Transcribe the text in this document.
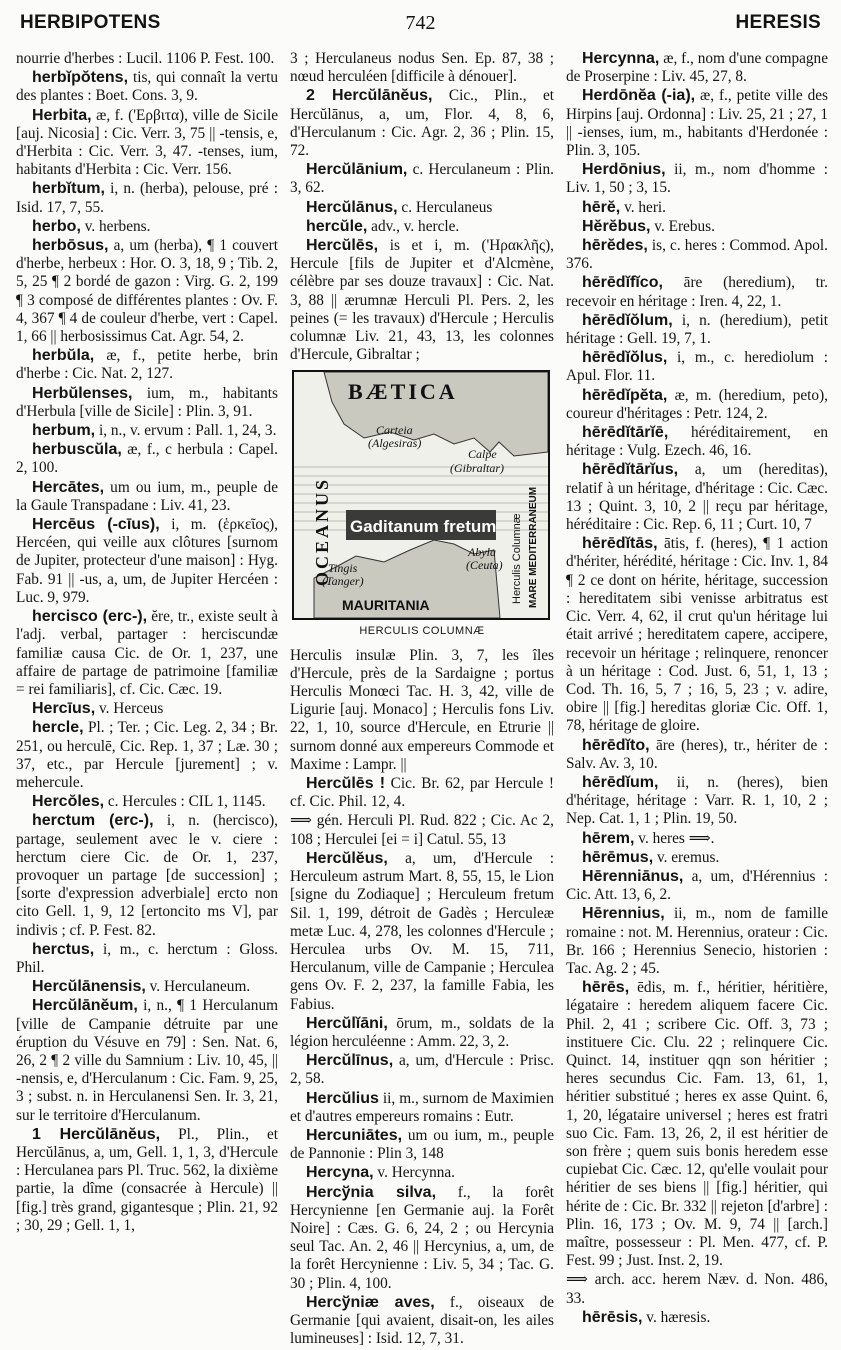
HERBIPOTENS	742	HERESIS

nourrie d'herbes : Lucil. 1106 P. Fest. 100.

herbĭpŏtens, tis, qui connaît la vertu des plantes : Boet. Cons. 3, 9.

Herbita, æ, f. ('Ερβιτα), ville de Sicile [auj. Nicosia] : Cic. Verr. 3, 75 || -tensis, e, d'Herbita : Cic. Verr. 3, 47. -tenses, ium, habitants d'Herbita : Cic. Verr. 156.

herbĭtum, i, n. (herba), pelouse, pré : Isid. 17, 7, 55.

herbo, v. herbens.

herbōsus, a, um (herba), ¶ 1 couvert d'herbe, herbeux : Hor. O. 3, 18, 9 ; Tib. 2, 5, 25 ¶ 2 bordé de gazon : Virg. G. 2, 199 ¶ 3 composé de différentes plantes : Ov. F. 4, 367 ¶ 4 de couleur d'herbe, vert : Capel. 1, 66 || herbosissimus Cat. Agr. 54, 2.

herbŭla, æ, f., petite herbe, brin d'herbe : Cic. Nat. 2, 127.

Herbŭlenses, ium, m., habitants d'Herbula [ville de Sicile] : Plin. 3, 91.

herbum, i, n., v. ervum : Pall. 1, 24, 3.

herbuscŭla, æ, f., c herbula : Capel. 2, 100.

Hercātes, um ou ium, m., peuple de la Gaule Transpadane : Liv. 41, 23.

Hercēus (-cīus), i, m. (ἑρκεῖος), Hercéen, qui veille aux clôtures [surnom de Jupiter, protecteur d'une maison] : Hyg. Fab. 91 || -us, a, um, de Jupiter Hercéen : Luc. 9, 979.

hercisco (erc-), ĕre, tr., existe seult à l'adj. verbal, partager : herciscundæ familiæ causa Cic. de Or. 1, 237, une affaire de partage de patrimoine [familiæ = rei familiaris], cf. Cic. Cæc. 19.

Hercīus, v. Herceus

hercle, Pl. ; Ter. ; Cic. Leg. 2, 34 ; Br. 251, ou herculē, Cic. Rep. 1, 37 ; Læ. 30 ; 37, etc., par Hercule [jurement] ; v. mehercule.

Hercŏles, c. Hercules : CIL 1, 1145.

herctum (erc-), i, n. (hercisco), partage, seulement avec le v. ciere : herctum ciere Cic. de Or. 1, 237, provoquer un partage [de succession] ; [sorte d'expression adverbiale] ercto non cito Gell. 1, 9, 12 [ertoncito ms V], par indivis ; cf. P. Fest. 82.

herctus, i, m., c. herctum : Gloss. Phil.

Hercŭlānensis, v. Herculaneum.

Hercŭlānĕum, i, n., ¶ 1 Herculanum [ville de Campanie détruite par une éruption du Vésuve en 79] : Sen. Nat. 6, 26, 2 ¶ 2 ville du Samnium : Liv. 10, 45, || -nensis, e, d'Herculanum : Cic. Fam. 9, 25, 3 ; subst. n. in Herculanensi Sen. Ir. 3, 21, sur le territoire d'Herculanum.

1 Hercŭlānĕus, Pl., Plin., et Hercŭlānus, a, um, Gell. 1, 1, 3, d'Hercule : Herculanea pars Pl. Truc. 562, la dixième partie, la dîme (consacrée à Hercule) || [fig.] très grand, gigantesque ; Plin. 21, 92 ; 30, 29 ; Gell. 1, 1,

3 ; Herculaneus nodus Sen. Ep. 87, 38 ; nœud herculéen [difficile à dénouer].

2 Hercŭlānĕus, Cic., Plin., et Hercŭlānus, a, um, Flor. 4, 8, 6, d'Herculanum : Cic. Agr. 2, 36 ; Plin. 15, 72.

Hercŭlānium, c. Herculaneum : Plin. 3, 62.

Hercŭlānus, c. Herculaneus

hercŭle, adv., v. hercle.

Hercŭlēs, is et i, m. ('Ηρακλῆς), Hercule [fils de Jupiter et d'Alcmène, célèbre par ses douze travaux] : Cic. Nat. 3, 88 || ærumnæ Herculi Pl. Pers. 2, les peines (= les travaux) d'Hercule ; Herculis columnæ Liv. 21, 43, 13, les colonnes d'Hercule, Gibraltar ;

BÆTICA
Carteia
(Algesiras)
Calpe
(Gibraltar)
Gaditanum fretum
OCEANUS	Herculis Columnæ MARE MEDITERRANEUM
Abyla
(Ceuta)
Tingis
(Tanger)
MAURITANIA
HERCULIS COLUMNÆ

Herculis insulæ Plin. 3, 7, les îles d'Hercule, près de la Sardaigne ; portus Herculis Monœci Tac. H. 3, 42, ville de Ligurie [auj. Monaco] ; Herculis fons Liv. 22, 1, 10, source d'Hercule, en Etrurie || surnom donné aux empereurs Commode et Maxime : Lampr. ||

Hercŭlēs ! Cic. Br. 62, par Hercule ! cf. Cic. Phil. 12, 4.

⟹ gén. Herculi Pl. Rud. 822 ; Cic. Ac 2, 108 ; Herculei [ei = i] Catul. 55, 13

Hercŭlĕus, a, um, d'Hercule : Herculeum astrum Mart. 8, 55, 15, le Lion [signe du Zodiaque] ; Herculeum fretum Sil. 1, 199, détroit de Gadès ; Herculeæ metæ Luc. 4, 278, les colonnes d'Hercule ; Herculea urbs Ov. M. 15, 711, Herculanum, ville de Campanie ; Herculea gens Ov. F. 2, 237, la famille Fabia, les Fabius.

Hercŭlĭāni, ōrum, m., soldats de la légion herculéenne : Amm. 22, 3, 2.

Hercŭlīnus, a, um, d'Hercule : Prisc. 2, 58.

Hercŭlius ii, m., surnom de Maximien et d'autres empereurs romains : Eutr.

Hercuniātes, um ou ium, m., peuple de Pannonie : Plin 3, 148

Hercyna, v. Hercynna.

Hercўnia silva, f., la forêt Hercynienne [en Germanie auj. la Forêt Noire] : Cæs. G. 6, 24, 2 ; ou Hercynia seul Tac. An. 2, 46 || Hercynius, a, um, de la forêt Hercynienne : Liv. 5, 34 ; Tac. G. 30 ; Plin. 4, 100.

Hercўniæ aves, f., oiseaux de Germanie [qui avaient, disait-on, les ailes lumineuses] : Isid. 12, 7, 31.

Hercynna, æ, f., nom d'une compagne de Proserpine : Liv. 45, 27, 8.

Herdōnĕa (-ia), æ, f., petite ville des Hirpins [auj. Ordonna] : Liv. 25, 21 ; 27, 1 || -ienses, ium, m., habitants d'Herdonée : Plin. 3, 105.

Herdōnius, ii, m., nom d'homme : Liv. 1, 50 ; 3, 15.

hērĕ, v. heri.

Hĕrĕbus, v. Erebus.

hērĕdes, is, c. heres : Commod. Apol. 376.

hērēdĭfĭco, āre (heredium), tr. recevoir en héritage : Iren. 4, 22, 1.

hērēdĭŏlum, i, n. (heredium), petit héritage : Gell. 19, 7, 1.

hērēdĭŏlus, i, m., c. herediolum : Apul. Flor. 11.

hērēdĭpĕta, æ, m. (heredium, peto), coureur d'héritages : Petr. 124, 2.

hērēdĭtārĭē, héréditairement, en héritage : Vulg. Ezech. 46, 16.

hērēdĭtārĭus, a, um (hereditas), relatif à un héritage, d'héritage : Cic. Cæc. 13 ; Quint. 3, 10, 2 || reçu par héritage, héréditaire : Cic. Rep. 6, 11 ; Curt. 10, 7

hērēdĭtās, ātis, f. (heres), ¶ 1 action d'hériter, hérédité, héritage : Cic. Inv. 1, 84 ¶ 2 ce dont on hérite, héritage, succession : hereditatem sibi venisse arbitratus est Cic. Verr. 4, 62, il crut qu'un héritage lui était arrivé ; hereditatem capere, accipere, recevoir un héritage ; relinquere, renoncer à un héritage : Cod. Just. 6, 51, 1, 13 ; Cod. Th. 16, 5, 7 ; 16, 5, 23 ; v. adire, obire || [fig.] hereditas gloriæ Cic. Off. 1, 78, héritage de gloire.

hērēdĭto, āre (heres), tr., hériter de : Salv. Av. 3, 10.

hērēdĭum, ii, n. (heres), bien d'héritage, héritage : Varr. R. 1, 10, 2 ; Nep. Cat. 1, 1 ; Plin. 19, 50.

hērem, v. heres ⟹.

hērēmus, v. eremus.

Hērenniānus, a, um, d'Hérennius : Cic. Att. 13, 6, 2.

Hērennius, ii, m., nom de famille romaine : not. M. Herennius, orateur : Cic. Br. 166 ; Herennius Senecio, historien : Tac. Ag. 2 ; 45.

hērēs, ēdis, m. f., héritier, héritière, légataire : heredem aliquem facere Cic. Phil. 2, 41 ; scribere Cic. Off. 3, 73 ; instituere Cic. Clu. 22 ; relinquere Cic. Quinct. 14, instituer qqn son héritier ; heres secundus Cic. Fam. 13, 61, 1, héritier substitué ; heres ex asse Quint. 6, 1, 20, légataire universel ; heres est fratri suo Cic. Fam. 13, 26, 2, il est héritier de son frère ; quem suis bonis heredem esse cupiebat Cic. Cæc. 12, qu'elle voulait pour héritier de ses biens || [fig.] héritier, qui hérite de : Cic. Br. 332 || rejeton [d'arbre] : Plin. 16, 173 ; Ov. M. 9, 74 || [arch.] maître, possesseur : Pl. Men. 477, cf. P. Fest. 99 ; Just. Inst. 2, 19.

⟹ arch. acc. herem Næv. d. Non. 486, 33.

hērēsis, v. hæresis.
